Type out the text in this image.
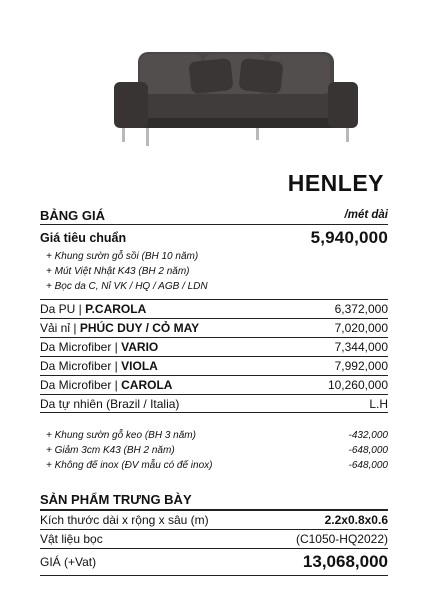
HENLEY
BẢNG GIÁ	/mét dài
Giá tiêu chuẩn	5,940,000
+ Khung sườn gỗ sồi (BH 10 năm)
+ Mút Việt Nhật K43 (BH 2 năm)
+ Bọc da C, Nỉ VK / HQ / AGB / LDN
Da PU | P.CAROLA	6,372,000
Vải nỉ | PHÚC DUY / CỎ MAY	7,020,000
Da Microfiber | VARIO	7,344,000
Da Microfiber | VIOLA	7,992,000
Da Microfiber | CAROLA	10,260,000
Da tự nhiên (Brazil / Italia)	L.H
+ Khung sườn gỗ keo (BH 3 năm)	-432,000
+ Giảm 3cm K43 (BH 2 năm)	-648,000
+ Không đế inox (ĐV mẫu có đế inox)	-648,000
SẢN PHẨM TRƯNG BÀY
Kích thước dài x rộng x sâu (m)	2.2x0.8x0.6
Vật liệu bọc	(C1050-HQ2022)
GIÁ (+Vat)	13,068,000
